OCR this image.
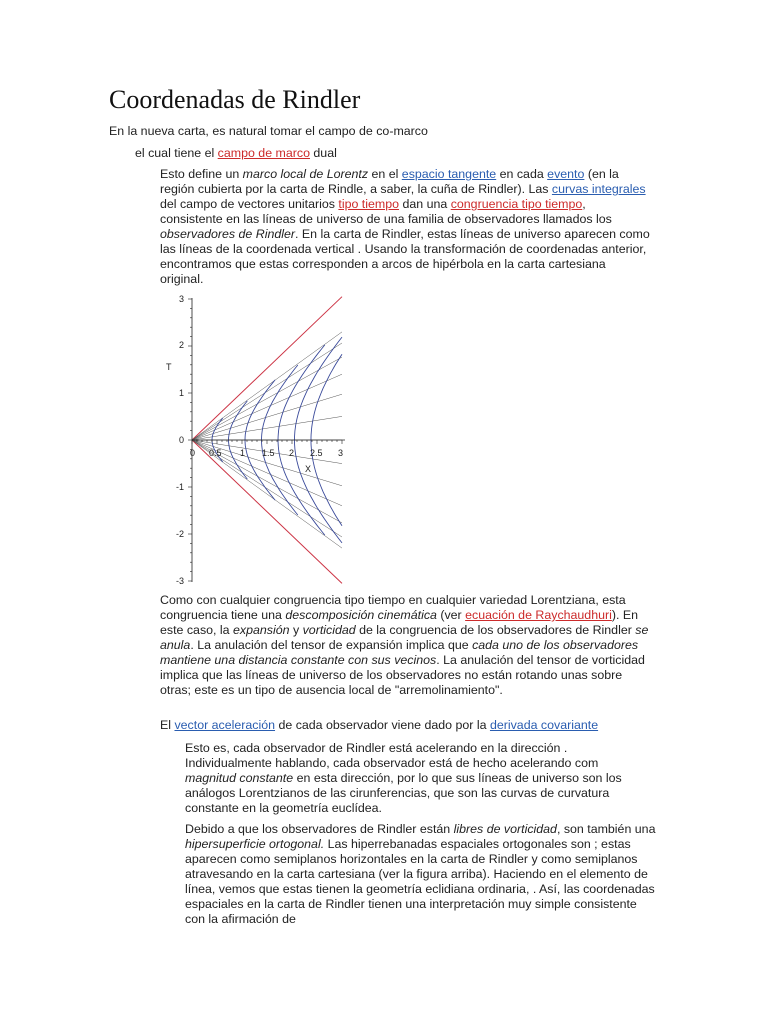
Coordenadas de Rindler

En la nueva carta, es natural tomar el campo de co-marco

el cual tiene el campo de marco dual

Esto define un marco local de Lorentz en el espacio tangente en cada evento (en la región cubierta por la carta de Rindle, a saber, la cuña de Rindler). Las curvas integrales del campo de vectores unitarios tipo tiempo dan una congruencia tipo tiempo, consistente en las líneas de universo de una familia de observadores llamados los observadores de Rindler. En la carta de Rindler, estas líneas de universo aparecen como las líneas de la coordenada vertical . Usando la transformación de coordenadas anterior, encontramos que estas corresponden a arcos de hipérbola en la carta cartesiana original.

T
X
3
2
1
0
-1
-2
-3
0 0.5 1 1.5 2 2.5 3

Como con cualquier congruencia tipo tiempo en cualquier variedad Lorentziana, esta congruencia tiene una descomposición cinemática (ver ecuación de Raychaudhuri). En este caso, la expansión y vorticidad de la congruencia de los observadores de Rindler se anula. La anulación del tensor de expansión implica que cada uno de los observadores mantiene una distancia constante con sus vecinos. La anulación del tensor de vorticidad implica que las líneas de universo de los observadores no están rotando unas sobre otras; este es un tipo de ausencia local de "arremolinamiento".

El vector aceleración de cada observador viene dado por la derivada covariante

Esto es, cada observador de Rindler está acelerando en la dirección . Individualmente hablando, cada observador está de hecho acelerando com magnitud constante en esta dirección, por lo que sus líneas de universo son los análogos Lorentzianos de las cirunferencias, que son las curvas de curvatura constante en la geometría euclídea.

Debido a que los observadores de Rindler están libres de vorticidad, son también una hipersuperficie ortogonal. Las hiperrebanadas espaciales ortogonales son ; estas aparecen como semiplanos horizontales en la carta de Rindler y como semiplanos atravesando en la carta cartesiana (ver la figura arriba). Haciendo en el elemento de línea, vemos que estas tienen la geometría eclidiana ordinaria, . Así, las coordenadas espaciales en la carta de Rindler tienen una interpretación muy simple consistente con la afirmación de
